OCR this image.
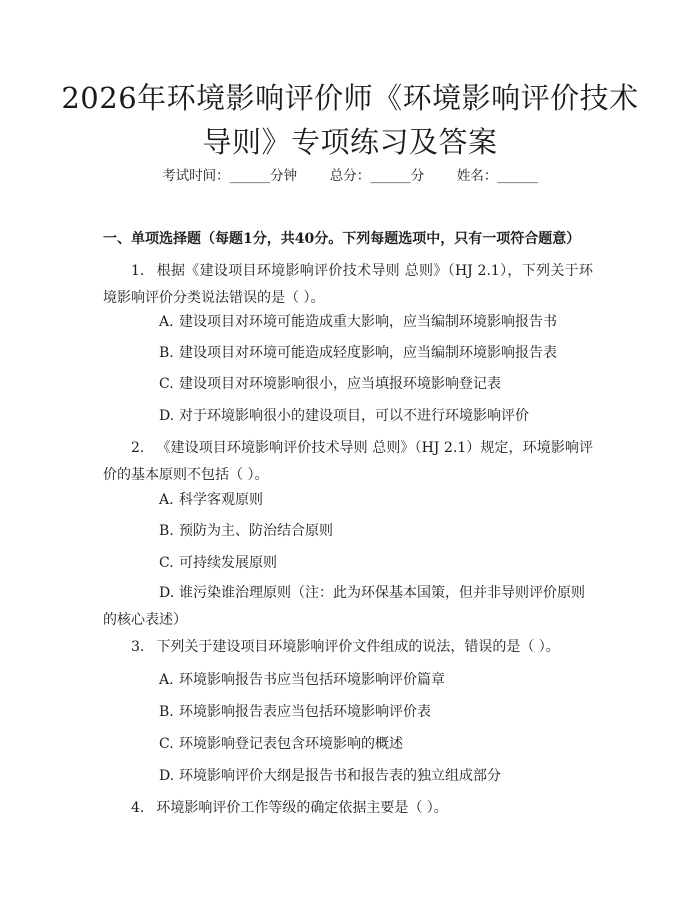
2026年环境影响评价师《环境影响评价技术导则》专项练习及答案
考试时间：______分钟 总分：______分 姓名：______
一、单项选择题（每题1分，共40分。下列每题选项中，只有一项符合题意）
1. 根据《建设项目环境影响评价技术导则 总则》（HJ 2.1），下列关于环境影响评价分类说法错误的是（ ）。
A. 建设项目对环境可能造成重大影响，应当编制环境影响报告书
B. 建设项目对环境可能造成轻度影响，应当编制环境影响报告表
C. 建设项目对环境影响很小，应当填报环境影响登记表
D. 对于环境影响很小的建设项目，可以不进行环境影响评价
2. 《建设项目环境影响评价技术导则 总则》（HJ 2.1）规定，环境影响评价的基本原则不包括（ ）。
A. 科学客观原则
B. 预防为主、防治结合原则
C. 可持续发展原则
D. 谁污染谁治理原则（注：此为环保基本国策，但并非导则评价原则的核心表述）
3. 下列关于建设项目环境影响评价文件组成的说法，错误的是（ ）。
A. 环境影响报告书应当包括环境影响评价篇章
B. 环境影响报告表应当包括环境影响评价表
C. 环境影响登记表包含环境影响的概述
D. 环境影响评价大纲是报告书和报告表的独立组成部分
4. 环境影响评价工作等级的确定依据主要是（ ）。
